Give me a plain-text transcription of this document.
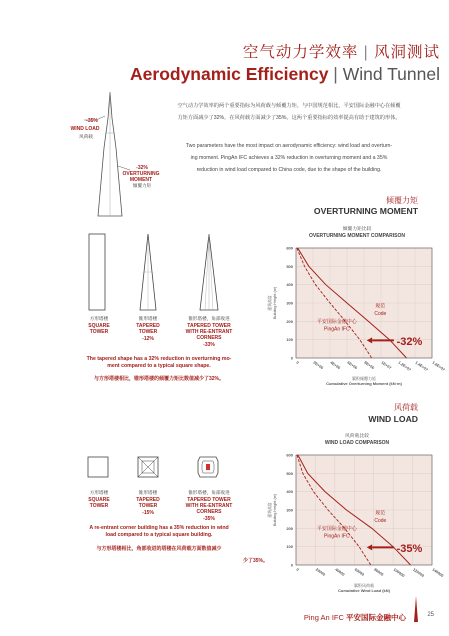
空气动力学效率 | 风洞测试
Aerodynamic Efficiency | Wind Tunnel
空气动力学效率的两个重要指标为风荷载与倾覆力矩。与中国规范相比，平安国际金融中心在倾覆
力矩方面减少了32%，在风荷载方面减少了35%。这两个重要指标的效率提高有助于建筑的形体。
Two parameters have the most impact on aerodynamic efficiency: wind load and overturn-
ing moment. PingAn IFC achieves a 32% reduction in overturning moment and a 35%
reduction in wind load compared to China code, due to the shape of the building.
-35%
WIND LOAD
风荷载
-32%
OVERTURNING
MOMENT
倾覆力矩
倾覆力矩
OVERTURNING MOMENT
方形塔楼
SQUARE
TOWER
锥形塔楼
TAPERED
TOWER
-12%
锥形塔楼，角部收进
TAPERED TOWER
WITH RE-ENTRANT
CORNERS
-33%
The tapered shape has a 32% reduction in overturning mo-
ment compared to a typical square shape.
与方形塔楼相比，锥形塔楼的倾覆力矩比数值减少了32%。
倾覆力矩比较
OVERTURNING MOMENT COMPARISON
0
100
200
300
400
500
600
0	2E+06 4E+06 6E+06 8E+06 1E+07 1.2E+07 1.4E+07 1.6E+07
规范
Code
平安国际金融中心
PingAn IFC
-32%
建筑高度 Building Height (m)
累积倾覆力矩
Cumulative Overturning Moment (kN·m)
风荷载
WIND LOAD
方形塔楼
SQUARE
TOWER
锥形塔楼
TAPERED
TOWER
-15%
锥形塔楼，角部收进
TAPERED TOWER
WITH RE-ENTRANT
CORNERS
-35%
A re-entrant corner building has a 35% reduction in wind
load compared to a typical square building.
与方形塔楼相比，角部收进的塔楼在风荷载方面数值减少
少了35%。
风荷载比较
WIND LOAD COMPARISON
0
100
200
300
400
500
600
0	20000 40000 60000 80000 100000 120000 140000
规范
Code
平安国际金融中心
PingAn IFC
-35%
建筑高度 Building Height (m)
累积风荷载
Cumulative Wind Load (kN)
Ping An IFC 平安国际金融中心	25
